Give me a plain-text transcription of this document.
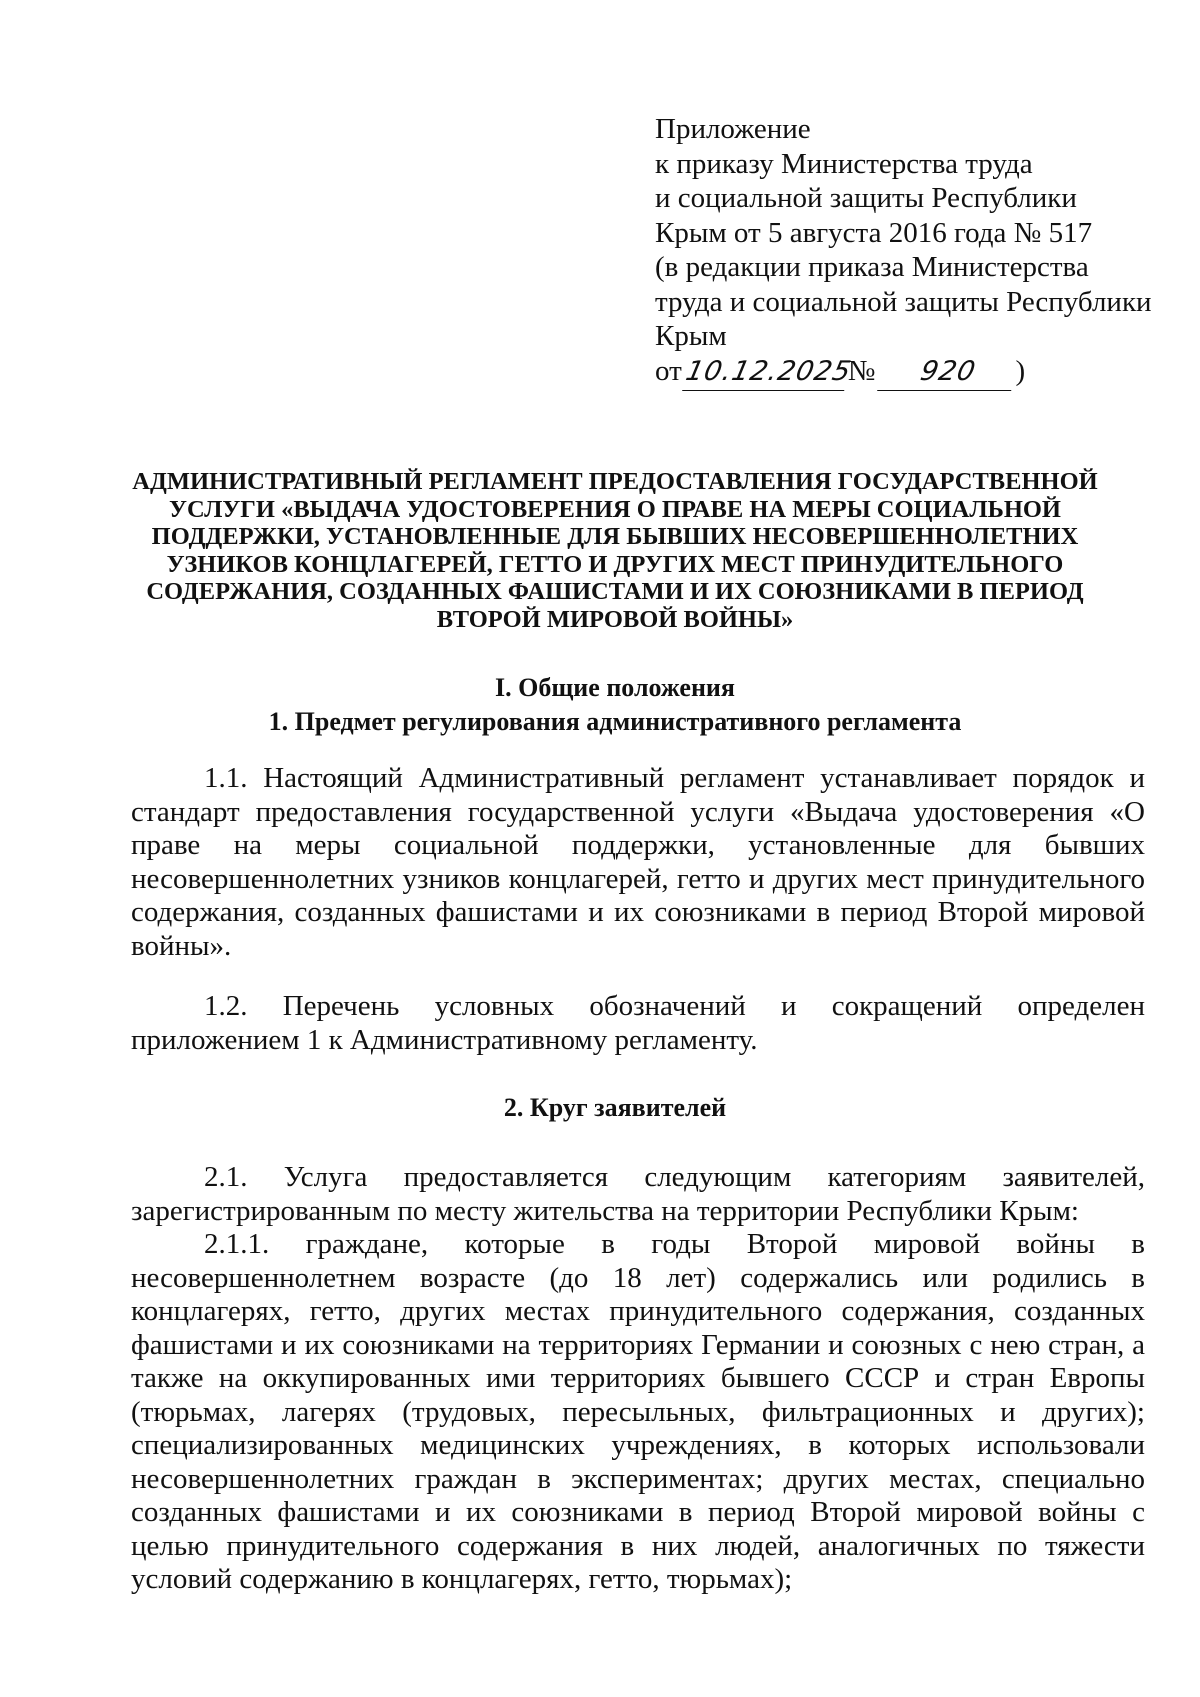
Приложение
к приказу Министерства труда
и социальной защиты Республики
Крым от 5 августа 2016 года № 517
(в редакции приказа Министерства
труда и социальной защиты Республики
Крым
от10.12.2025№ 920 )
АДМИНИСТРАТИВНЫЙ РЕГЛАМЕНТ ПРЕДОСТАВЛЕНИЯ ГОСУДАРСТВЕННОЙ УСЛУГИ «ВЫДАЧА УДОСТОВЕРЕНИЯ О ПРАВЕ НА МЕРЫ СОЦИАЛЬНОЙ ПОДДЕРЖКИ, УСТАНОВЛЕННЫЕ ДЛЯ БЫВШИХ НЕСОВЕРШЕННОЛЕТНИХ УЗНИКОВ КОНЦЛАГЕРЕЙ, ГЕТТО И ДРУГИХ МЕСТ ПРИНУДИТЕЛЬНОГО СОДЕРЖАНИЯ, СОЗДАННЫХ ФАШИСТАМИ И ИХ СОЮЗНИКАМИ В ПЕРИОД ВТОРОЙ МИРОВОЙ ВОЙНЫ»
I. Общие положения
1. Предмет регулирования административного регламента

1.1. Настоящий Административный регламент устанавливает порядок и стандарт предоставления государственной услуги «Выдача удостоверения «О праве на меры социальной поддержки, установленные для бывших несовершеннолетних узников концлагерей, гетто и других мест принудительного содержания, созданных фашистами и их союзниками в период Второй мировой войны».

1.2. Перечень условных обозначений и сокращений определен приложением 1 к Административному регламенту.

2. Круг заявителей

2.1. Услуга предоставляется следующим категориям заявителей, зарегистрированным по месту жительства на территории Республики Крым:

2.1.1. граждане, которые в годы Второй мировой войны в несовершеннолетнем возрасте (до 18 лет) содержались или родились в концлагерях, гетто, других местах принудительного содержания, созданных фашистами и их союзниками на территориях Германии и союзных с нею стран, а также на оккупированных ими территориях бывшего СССР и стран Европы (тюрьмах, лагерях (трудовых, пересыльных, фильтрационных и других); специализированных медицинских учреждениях, в которых использовали несовершеннолетних граждан в экспериментах; других местах, специально созданных фашистами и их союзниками в период Второй мировой войны с целью принудительного содержания в них людей, аналогичных по тяжести условий содержанию в концлагерях, гетто, тюрьмах);
